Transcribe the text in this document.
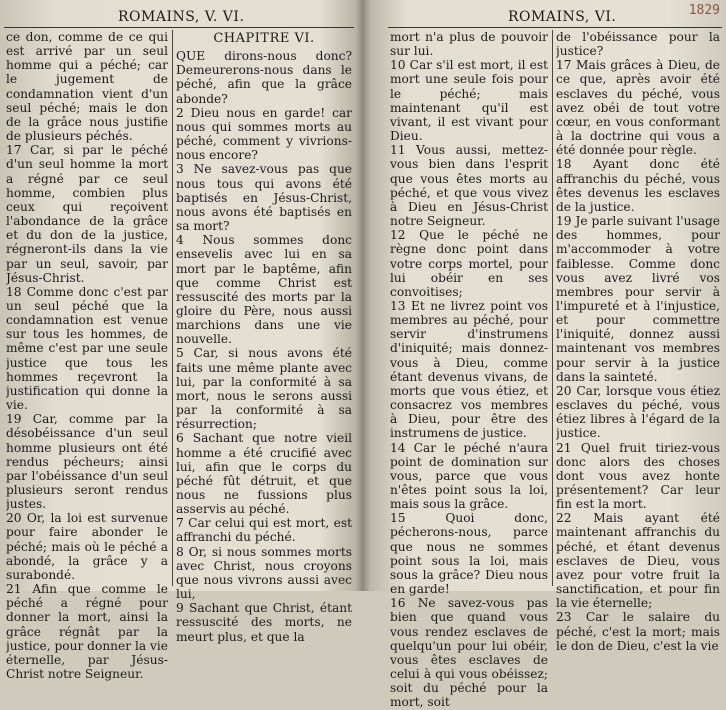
ROMAINS, V. VI.

ce don, comme de ce qui est arrivé par un seul homme qui a péché; car le jugement de condamnation vient d'un seul péché; mais le don de la grâce nous justifie de plusieurs péchés.

17 Car, si par le péché d'un seul homme la mort a régné par ce seul homme, combien plus ceux qui reçoivent l'abondance de la grâce et du don de la justice, régneront-ils dans la vie par un seul, savoir, par Jésus-Christ.

18 Comme donc c'est par un seul péché que la condamnation est venue sur tous les hommes, de même c'est par une seule justice que tous les hommes reçevront la justification qui donne la vie.

19 Car, comme par la désobéissance d'un seul homme plusieurs ont été rendus pécheurs; ainsi par l'obéissance d'un seul plusieurs seront rendus justes.

20 Or, la loi est survenue pour faire abonder le péché; mais où le péché a abondé, la grâce y a surabondé.

21 Afin que comme le péché a régné pour donner la mort, ainsi la grâce régnât par la justice, pour donner la vie éternelle, par Jésus-Christ notre Seigneur.

CHAPITRE VI.

QUE dirons-nous donc? Demeurerons-nous dans le péché, afin que la grâce abonde?

2 Dieu nous en garde! car nous qui sommes morts au péché, comment y vivrions-nous encore?

3 Ne savez-vous pas que nous tous qui avons été baptisés en Jésus-Christ, nous avons été baptisés en sa mort?

4 Nous sommes donc ensevelis avec lui en sa mort par le baptême, afin que comme Christ est ressuscité des morts par la gloire du Père, nous aussi marchions dans une vie nouvelle.

5 Car, si nous avons été faits une même plante avec lui, par la conformité à sa mort, nous le serons aussi par la conformité à sa résurrection;

6 Sachant que notre vieil homme a été crucifié avec lui, afin que le corps du péché fût détruit, et que nous ne fussions plus asservis au péché.

7 Car celui qui est mort, est affranchi du péché.

8 Or, si nous sommes morts avec Christ, nous croyons que nous vivrons aussi avec lui,

9 Sachant que Christ, étant ressuscité des morts, ne meurt plus, et que la

ROMAINS, VI.	1829

mort n'a plus de pouvoir sur lui.

10 Car s'il est mort, il est mort une seule fois pour le péché; mais maintenant qu'il est vivant, il est vivant pour Dieu.

11 Vous aussi, mettez-vous bien dans l'esprit que vous êtes morts au péché, et que vous vivez à Dieu en Jésus-Christ notre Seigneur.

12 Que le péché ne règne donc point dans votre corps mortel, pour lui obéir en ses convoitises;

13 Et ne livrez point vos membres au péché, pour servir d'instrumens d'iniquité; mais donnez-vous à Dieu, comme étant devenus vivans, de morts que vous étiez, et consacrez vos membres à Dieu, pour être des instrumens de justice.

14 Car le péché n'aura point de domination sur vous, parce que vous n'êtes point sous la loi, mais sous la grâce.

15 Quoi donc, pécherons-nous, parce que nous ne sommes point sous la loi, mais sous la grâce? Dieu nous en garde!

16 Ne savez-vous pas bien que quand vous vous rendez esclaves de quelqu'un pour lui obéir, vous êtes esclaves de celui à qui vous obéissez; soit du péché pour la mort, soit

de l'obéissance pour la justice?

17 Mais grâces à Dieu, de ce que, après avoir été esclaves du péché, vous avez obéi de tout votre cœur, en vous conformant à la doctrine qui vous a été donnée pour règle.

18 Ayant donc été affranchis du péché, vous êtes devenus les esclaves de la justice.

19 Je parle suivant l'usage des hommes, pour m'accommoder à votre faiblesse. Comme donc vous avez livré vos membres pour servir à l'impureté et à l'injustice, et pour commettre l'iniquité, donnez aussi maintenant vos membres pour servir à la justice dans la sainteté.

20 Car, lorsque vous étiez esclaves du péché, vous étiez libres à l'égard de la justice.

21 Quel fruit tiriez-vous donc alors des choses dont vous avez honte présentement? Car leur fin est la mort.

22 Mais ayant été maintenant affranchis du péché, et étant devenus esclaves de Dieu, vous avez pour votre fruit la sanctification, et pour fin la vie éternelle;

23 Car le salaire du péché, c'est la mort; mais le don de Dieu, c'est la vie
